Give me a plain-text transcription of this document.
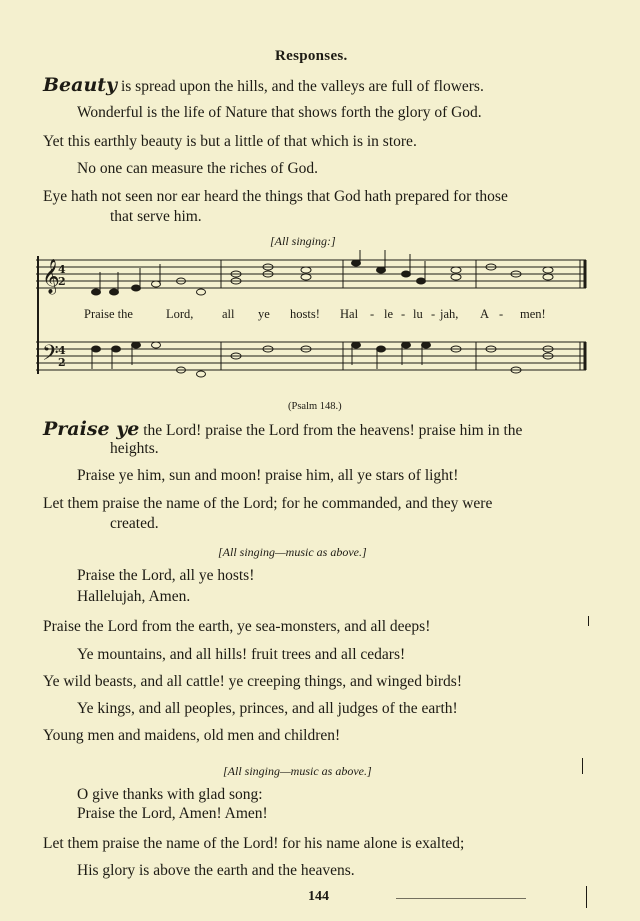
Responses.
Beauty is spread upon the hills, and the valleys are full of flowers.
Wonderful is the life of Nature that shows forth the glory of God.
Yet this earthly beauty is but a little of that which is in store.
No one can measure the riches of God.
Eye hath not seen nor ear heard the things that God hath prepared for those
that serve him.
[All singing:]
𝄞
𝄢
4
2
4
2
Praise the	Lord, all ye hosts! Hal - le - lu - jah, A - men!
(Psalm 148.)
Praise ye the Lord! praise the Lord from the heavens! praise him in the
heights.
Praise ye him, sun and moon! praise him, all ye stars of light!
Let them praise the name of the Lord; for he commanded, and they were
created.
[All singing—music as above.]
Praise the Lord, all ye hosts!
Hallelujah, Amen.
Praise the Lord from the earth, ye sea-monsters, and all deeps!
Ye mountains, and all hills! fruit trees and all cedars!
Ye wild beasts, and all cattle! ye creeping things, and winged birds!
Ye kings, and all peoples, princes, and all judges of the earth!
Young men and maidens, old men and children!
[All singing—music as above.]
O give thanks with glad song:
Praise the Lord, Amen! Amen!
Let them praise the name of the Lord! for his name alone is exalted;
His glory is above the earth and the heavens.
144
